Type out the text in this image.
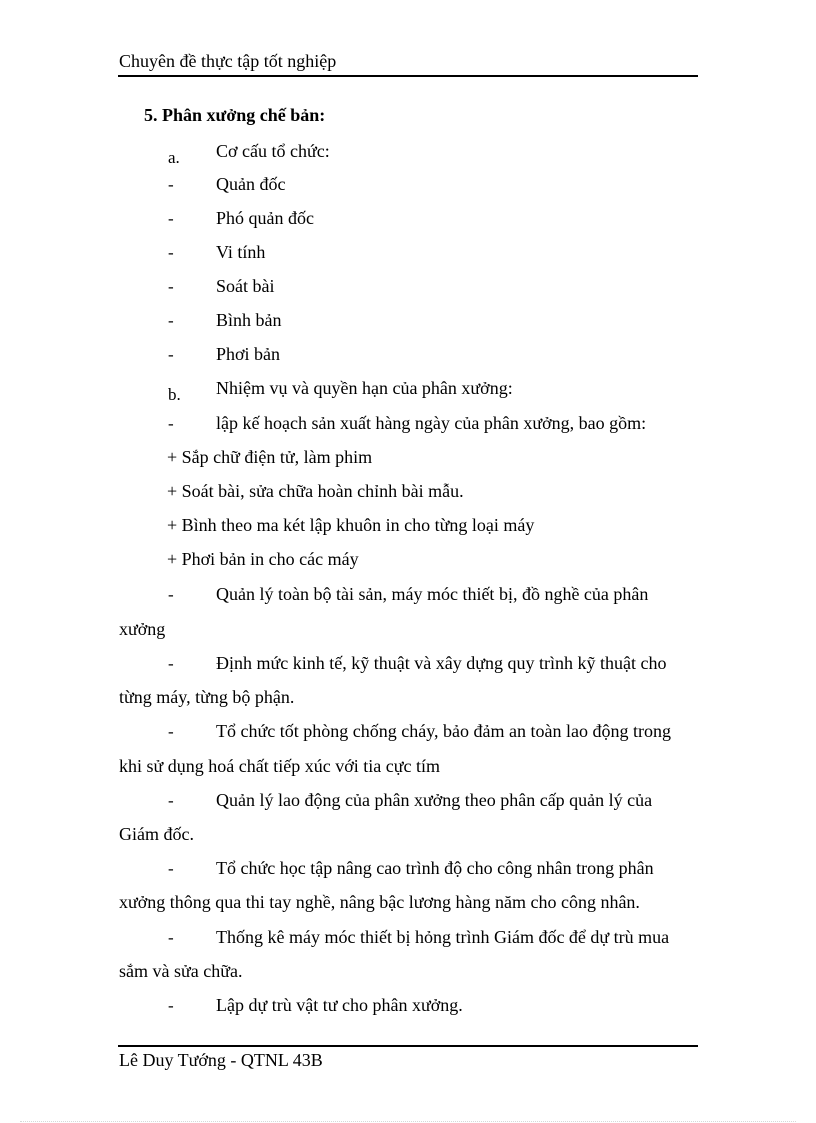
Chuyên đề thực tập tốt nghiệp
5. Phân xưởng chế bản:
a. Cơ cấu tổ chức:
- Quản đốc
- Phó quản đốc
- Vi tính
- Soát bài
- Bình bản
- Phơi bản
b. Nhiệm vụ và quyền hạn của phân xưởng:
- lập kế hoạch sản xuất hàng ngày của phân xưởng, bao gồm:
+ Sắp chữ điện tử, làm phim
+ Soát bài, sửa chữa hoàn chỉnh bài mẫu.
+ Bình theo ma két lập khuôn in cho từng loại máy
+ Phơi bản in cho các máy
- Quản lý toàn bộ tài sản, máy móc thiết bị, đồ nghề của phân
xưởng
- Định mức kinh tế, kỹ thuật và xây dựng quy trình kỹ thuật cho
từng máy, từng bộ phận.
- Tổ chức tốt phòng chống cháy, bảo đảm an toàn lao động trong
khi sử dụng hoá chất tiếp xúc với tia cực tím
- Quản lý lao động của phân xưởng theo phân cấp quản lý của
Giám đốc.
- Tổ chức học tập nâng cao trình độ cho công nhân trong phân
xưởng thông qua thi tay nghề, nâng bậc lương hàng năm cho công nhân.
- Thống kê máy móc thiết bị hỏng trình Giám đốc để dự trù mua
sắm và sửa chữa.
- Lập dự trù vật tư cho phân xưởng.
Lê Duy Tướng - QTNL 43B
